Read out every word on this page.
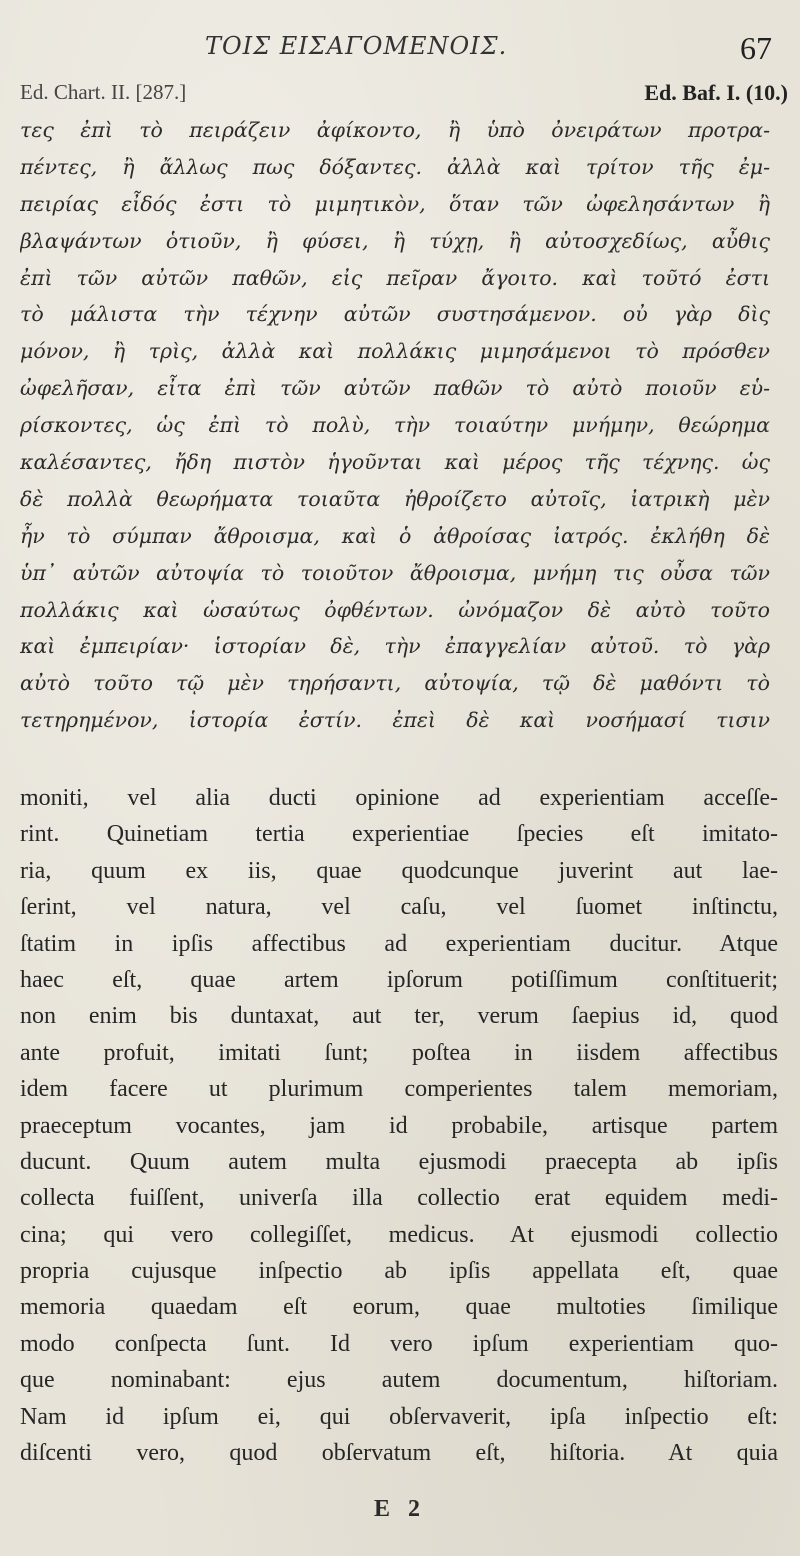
ΤΟΙΣ ΕΙΣΑΓΟΜΕΝΟΙΣ.	67
Ed. Chart. II. [287.]	Ed. Baf. I. (10.)
τες ἐπὶ τὸ πειράζειν ἀφίκοντο, ἢ ὑπὸ ὀνειράτων προτρα-
πέντες, ἢ ἄλλως πως δόξαντες. ἀλλὰ καὶ τρίτον τῆς ἐμ-
πειρίας εἶδός ἐστι τὸ μιμητικὸν, ὅταν τῶν ὠφελησάντων ἢ
βλαψάντων ὁτιοῦν, ἢ φύσει, ἢ τύχῃ, ἢ αὐτοσχεδίως, αὖθις
ἐπὶ τῶν αὐτῶν παθῶν, εἰς πεῖραν ἄγοιτο. καὶ τοῦτό ἐστι
τὸ μάλιστα τὴν τέχνην αὐτῶν συστησάμενον. οὐ γὰρ δὶς
μόνον, ἢ τρὶς, ἀλλὰ καὶ πολλάκις μιμησάμενοι τὸ πρόσθεν
ὠφελῆσαν, εἶτα ἐπὶ τῶν αὐτῶν παθῶν τὸ αὐτὸ ποιοῦν εὑ-
ρίσκοντες, ὡς ἐπὶ τὸ πολὺ, τὴν τοιαύτην μνήμην, θεώρημα
καλέσαντες, ἤδη πιστὸν ἡγοῦνται καὶ μέρος τῆς τέχνης. ὡς
δὲ πολλὰ θεωρήματα τοιαῦτα ἠθροίζετο αὐτοῖς, ἰατρικὴ μὲν
ἦν τὸ σύμπαν ἄθροισμα, καὶ ὁ ἀθροίσας ἰατρός. ἐκλήθη δὲ
ὑπ᾽ αὐτῶν αὐτοψία τὸ τοιοῦτον ἄθροισμα, μνήμη τις οὖσα τῶν
πολλάκις καὶ ὡσαύτως ὀφθέντων. ὠνόμαζον δὲ αὐτὸ τοῦτο
καὶ ἐμπειρίαν· ἱστορίαν δὲ, τὴν ἐπαγγελίαν αὐτοῦ. τὸ γὰρ
αὐτὸ τοῦτο τῷ μὲν τηρήσαντι, αὐτοψία, τῷ δὲ μαθόντι τὸ
τετηρημένον, ἱστορία ἐστίν. ἐπεὶ δὲ καὶ νοσήμασί τισιν
moniti, vel alia ducti opinione ad experientiam acceſſe-
rint. Quinetiam tertia experientiae ſpecies eſt imitato-
ria, quum ex iis, quae quodcunque juverint aut lae-
ſerint, vel natura, vel caſu, vel ſuomet inſtinctu,
ſtatim in ipſis affectibus ad experientiam ducitur. Atque
haec eſt, quae artem ipſorum potiſſimum conſtituerit;
non enim bis duntaxat, aut ter, verum ſaepius id, quod
ante profuit, imitati ſunt; poſtea in iisdem affectibus
idem facere ut plurimum comperientes talem memoriam,
praeceptum vocantes, jam id probabile, artisque partem
ducunt. Quum autem multa ejusmodi praecepta ab ipſis
collecta fuiſſent, univerſa illa collectio erat equidem medi-
cina; qui vero collegiſſet, medicus. At ejusmodi collectio
propria cujusque inſpectio ab ipſis appellata eſt, quae
memoria quaedam eſt eorum, quae multoties ſimilique
modo conſpecta ſunt. Id vero ipſum experientiam quo-
que nominabant: ejus autem documentum, hiſtoriam.
Nam id ipſum ei, qui obſervaverit, ipſa inſpectio eſt:
diſcenti vero, quod obſervatum eſt, hiſtoria. At quia
E 2
